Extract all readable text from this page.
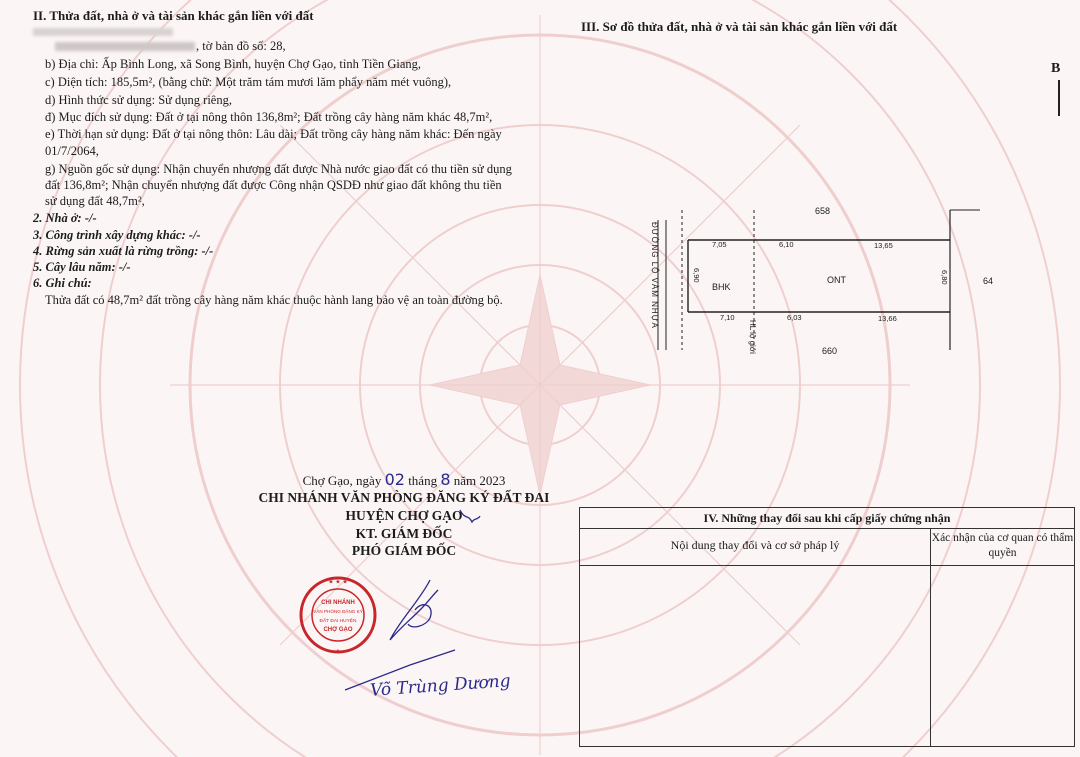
II. Thửa đất, nhà ở và tài sản khác gắn liền với đất
, tờ bản đồ số: 28,
b) Địa chỉ: Ấp Bình Long, xã Song Bình, huyện Chợ Gạo, tỉnh Tiền Giang,
c) Diện tích: 185,5m², (bằng chữ: Một trăm tám mươi lăm phẩy năm mét vuông),
d) Hình thức sử dụng: Sử dụng riêng,
đ) Mục đích sử dụng: Đất ở tại nông thôn 136,8m²; Đất trồng cây hàng năm khác 48,7m²,
e) Thời hạn sử dụng: Đất ở tại nông thôn: Lâu dài; Đất trồng cây hàng năm khác: Đến ngày
01/7/2064,
g) Nguồn gốc sử dụng: Nhận chuyển nhượng đất được Nhà nước giao đất có thu tiền sử dụng
đất 136,8m²; Nhận chuyển nhượng đất được Công nhận QSDĐ như giao đất không thu tiền
sử dụng đất 48,7m²,
2. Nhà ở: -/-
3. Công trình xây dựng khác: -/-
4. Rừng sản xuất là rừng trồng: -/-
5. Cây lâu năm: -/-
6. Ghi chú:
Thửa đất có 48,7m² đất trồng cây hàng năm khác thuộc hành lang bảo vệ an toàn đường bộ.
Chợ Gạo, ngày 02 tháng 8 năm 2023
CHI NHÁNH VĂN PHÒNG ĐĂNG KÝ ĐẤT ĐAI
HUYỆN CHỢ GẠO
KT. GIÁM ĐỐC
PHÓ GIÁM ĐỐC
★ ★ ★
★
CHI NHÁNH
VĂN PHÒNG ĐĂNG KÝ
ĐẤT ĐAI HUYỆN
CHỢ GẠO
Võ Trùng Dương
III. Sơ đồ thửa đất, nhà ở và tài sản khác gắn liền với đất
B
ĐƯỜNG LỘ VÀM NHỰA
658
660
64
BHK
ONT
HL lộ giới
7,05	6,10	13,65
7,10	6,03	13,66
6,90	6,80
IV. Những thay đổi sau khi cấp giấy chứng nhận
Nội dung thay đổi và cơ sở pháp lý	Xác nhận của cơ quan có thẩm quyền
